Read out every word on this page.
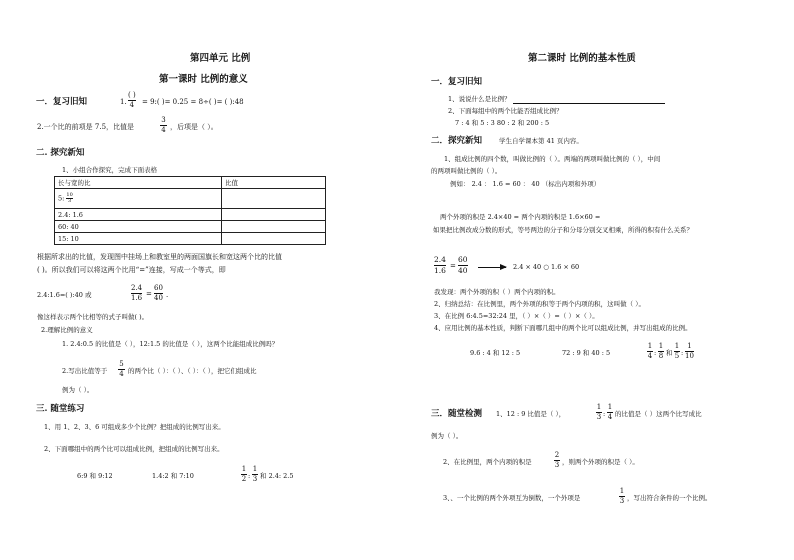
第四单元 比例
第一课时 比例的意义
一．复习旧知	1.
( )
4 = 9:( )= 0.25 = 8÷( )= ( ):48
2.一个比的前项是 7.5，比值是
3
4 ，后项是（ ）。
二. 探究新知
1、小组合作探究，完成下面表格
长与宽的比	比值
5: $\frac{10}{3}$

2.4: 1.6	
60: 40	
15: 10	
根据所求出的比值，发现图中挂场上和教室里的两面国旗长和宽这两个比的比值
( )。所以我们可以将这两个比用“=”连接，写成一个等式，即
2.4:1.6=( ):40 或
2.4
1.6 =
60
40 .
像这样表示两个比相等的式子叫做( )。
2.理解比例的意义
1. 2.4:0.5 的比值是（ ），12:1.5 的比值是（ ），这两个比能组成比例吗？
2.写出比值等于
5
4 的两个比（ ）：（ ）、（ ）：（ ），把它们组成比
例为（ ）。
三. 随堂练习
1、用 1、2、3、6 可组成多少个比例？把组成的比例写出来。
2、下面哪组中的两个比可以组成比例，把组成的比例写出来。
6:9 和 9:12	1.4:2 和 7:10
1
2 :
1
3 和 2.4: 2.5
第二课时 比例的基本性质
一．复习旧知
1、说说什么是比例？
2、下面每组中的两个比能否组成比例？
7 : 4 和 5 : 3 80 : 2 和 200 : 5
二．探究新知	学生自学课本第 41 页内容。
1、组成比例的四个数，叫做比例的（ ）。两端的两项叫做比例的（ ），中间
的两项叫做比例的（ ）。
例如： 2.4 ： 1.6 = 60 ： 40 （标出内项和外项）
两个外项的积是 2.4×40 = 两个内项的积是 1.6×60 =
如果把比例改成分数的形式，等号两边的分子和分母分别交叉相乘，所得的积有什么关系？
2.4
1.6 =
60
40	2.4 × 40 ○ 1.6 × 60
我发现：两个外项的积（ ）两个内项的积。
2、归纳总结：在比例里，两个外项的积等于两个内项的积，这叫做（ ）。
3、在比例 6:4.5=32:24 里，（ ）×（ ）=（ ）×（ ）。
4、应用比例的基本性质，判断下面哪几组中的两个比可以组成比例，并写出组成的比例。
9.6 : 4 和 12 : 5	72 : 9 和 40 : 5
1
4 :
1
8 和
1
5 :
1
10
三．随堂检测 1、12 : 9 比值是（ ），
1
3 :
1
4 的比值是（ ）这两个比写成比
例为（ ）。
2、在比例里，两个内项的积是
2
3 ，则两个外项的积是（ ）。
3、、一个比例的两个外项互为倒数，一个外项是
1
3 ，写出符合条件的一个比例。
